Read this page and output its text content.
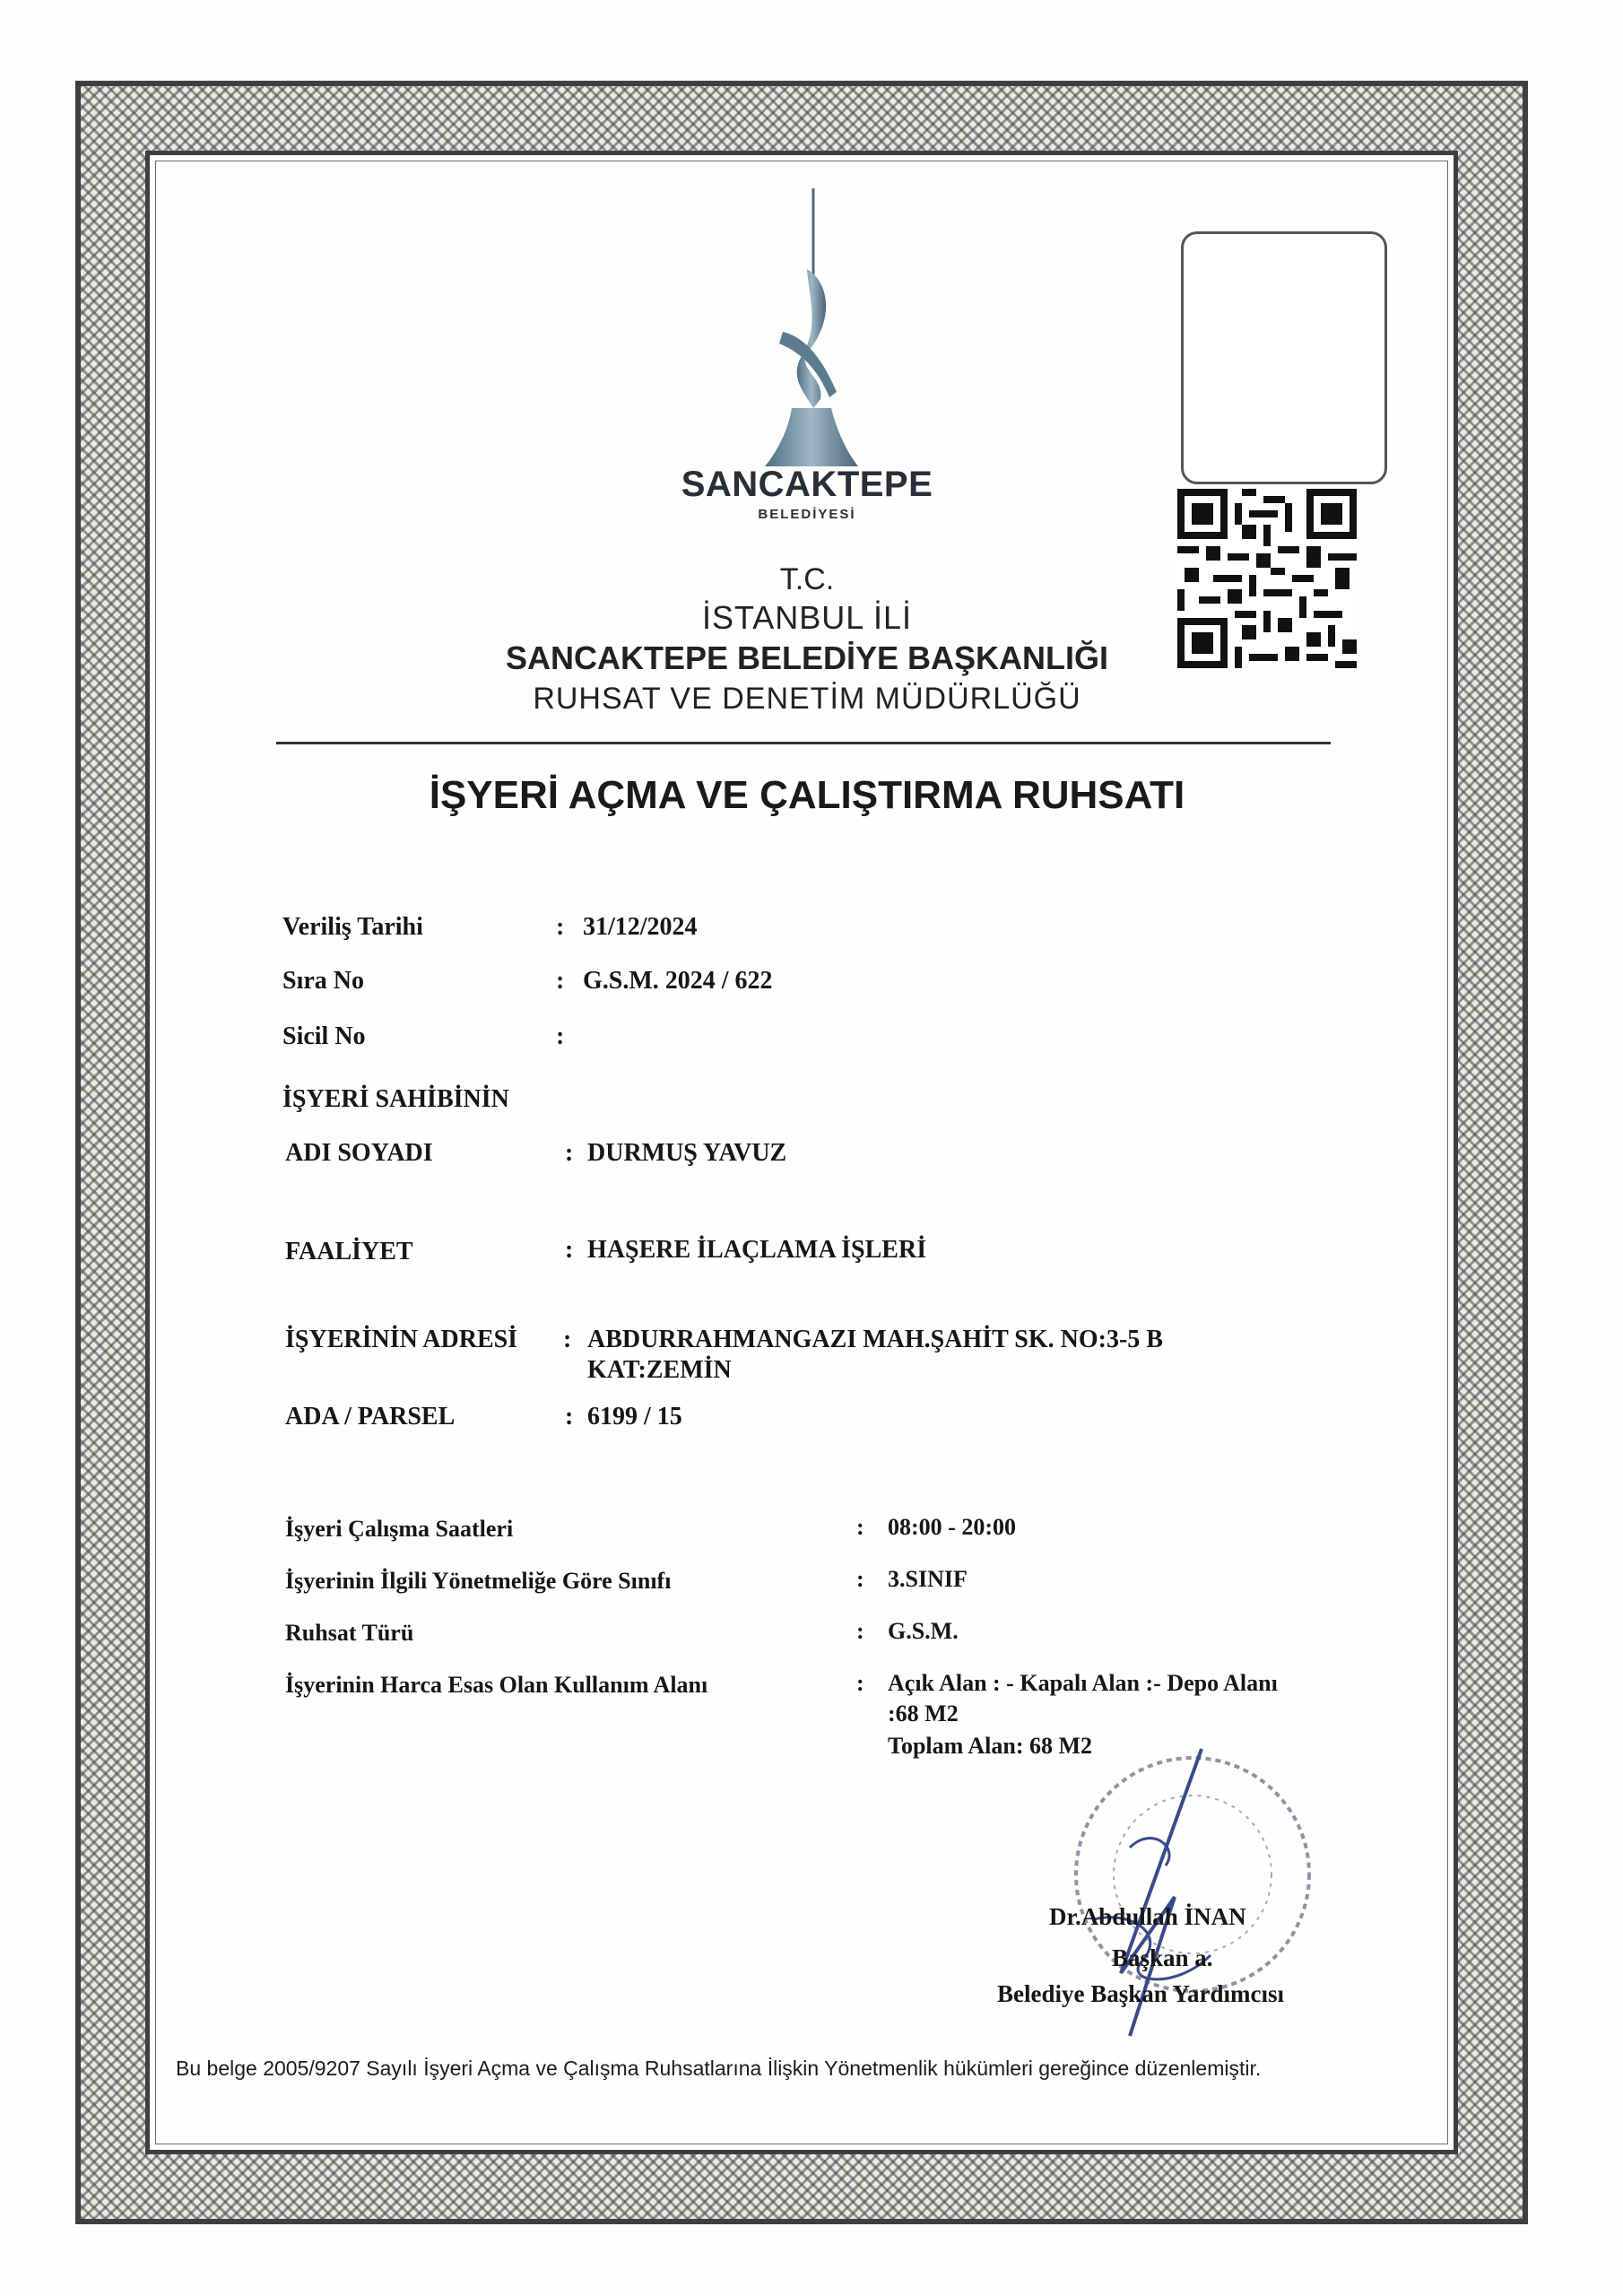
SANCAKTEPE
BELEDİYESİ
T.C.
İSTANBUL İLİ
SANCAKTEPE BELEDİYE BAŞKANLIĞI
RUHSAT VE DENETİM MÜDÜRLÜĞÜ
İŞYERİ AÇMA VE ÇALIŞTIRMA RUHSATI
Veriliş Tarihi	: 31/12/2024
Sıra No	: G.S.M. 2024 / 622
Sicil No	:
İŞYERİ SAHİBİNİN
ADI SOYADI	: DURMUŞ YAVUZ
FAALİYET	: HAŞERE İLAÇLAMA İŞLERİ
İŞYERİNİN ADRESİ : ABDURRAHMANGAZI MAH.ŞAHİT SK. NO:3-5 B
KAT:ZEMİN
ADA / PARSEL	: 6199 / 15
İşyeri Çalışma Saatleri	: 08:00 - 20:00
İşyerinin İlgili Yönetmeliğe Göre Sınıfı	: 3.SINIF
Ruhsat Türü	: G.S.M.
İşyerinin Harca Esas Olan Kullanım Alanı	: Açık Alan : - Kapalı Alan :- Depo Alanı
:68 M2
Toplam Alan: 68 M2
Dr.Abdullah İNAN
Başkan a.
Belediye Başkan Yardımcısı
Bu belge 2005/9207 Sayılı İşyeri Açma ve Çalışma Ruhsatlarına İlişkin Yönetmenlik hükümleri gereğince düzenlemiştir.
